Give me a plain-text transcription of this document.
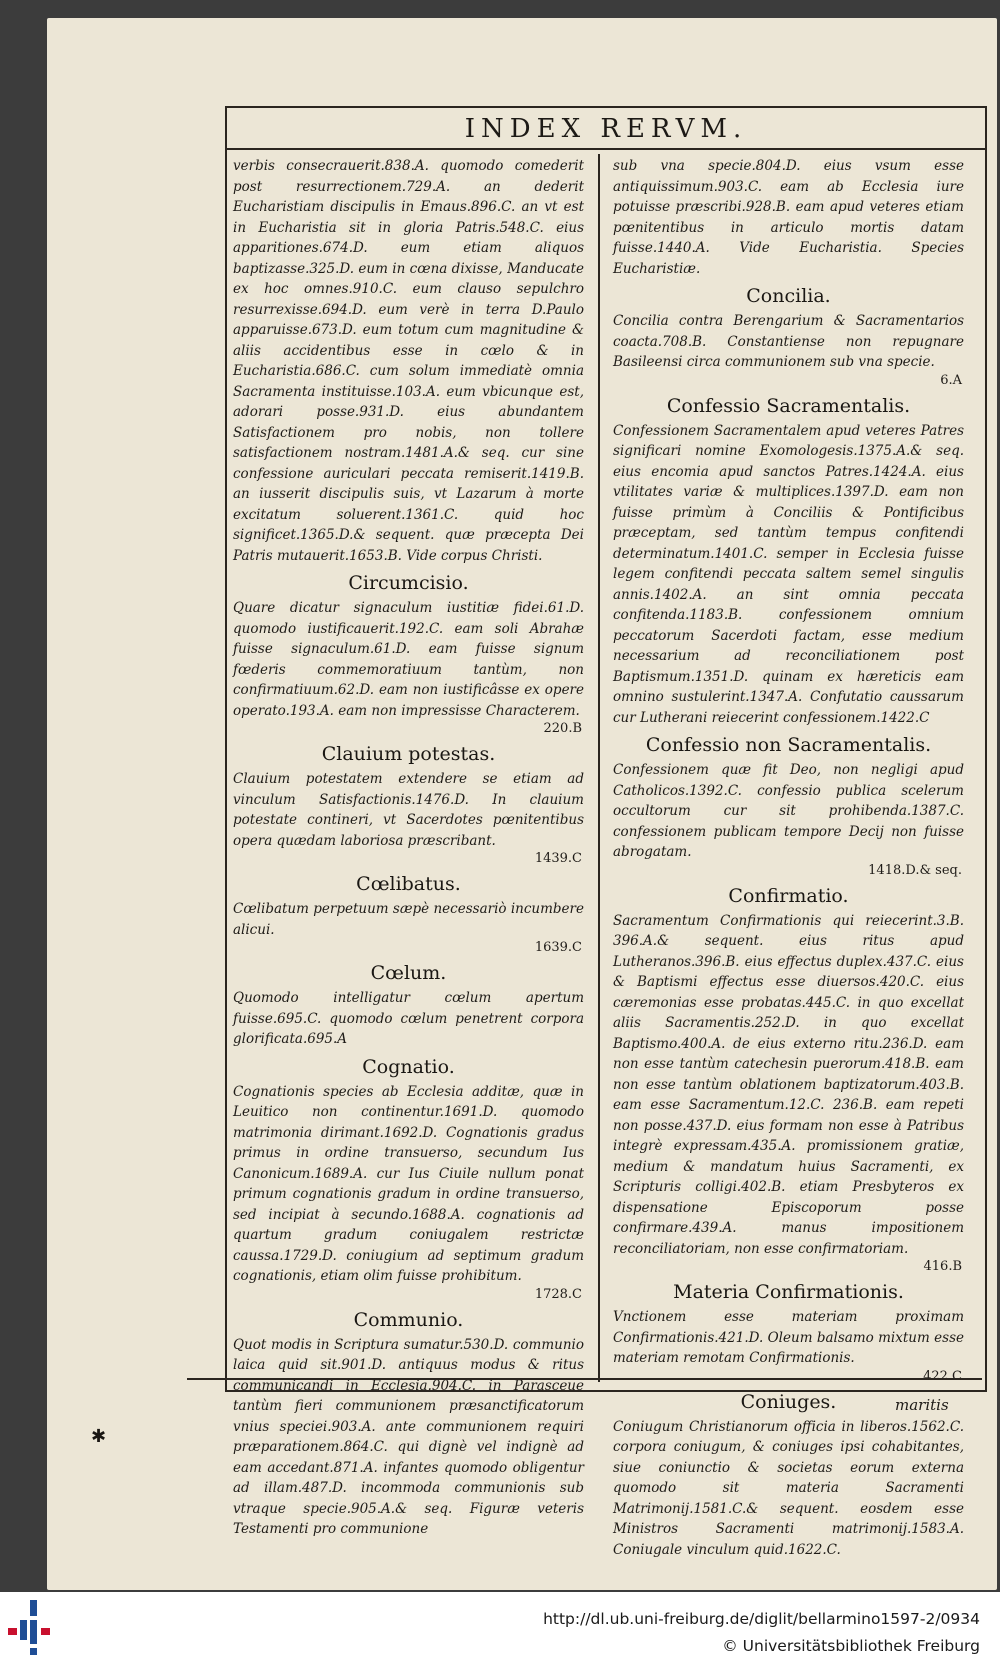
INDEX RERVM.
verbis consecrauerit.838.A. quomodo comederit post resurrectionem.729.A. an dederit Eucharistiam discipulis in Emaus.896.C. an vt est in Eucharistia sit in gloria Patris.548.C. eius apparitiones.674.D. eum etiam aliquos baptizasse.325.D. eum in cœna dixisse, Manducate ex hoc omnes.910.C. eum clauso sepulchro resurrexisse.694.D. eum verè in terra D.Paulo apparuisse.673.D. eum totum cum magnitudine & aliis accidentibus esse in cœlo & in Eucharistia.686.C. cum solum immediatè omnia Sacramenta instituisse.103.A. eum vbicunque est, adorari posse.931.D. eius abundantem Satisfactionem pro nobis, non tollere satisfactionem nostram.1481.A.& seq. cur sine confessione auriculari peccata remiserit.1419.B. an iusserit discipulis suis, vt Lazarum à morte excitatum soluerent.1361.C. quid hoc significet.1365.D.& sequent. quæ præcepta Dei Patris mutauerit.1653.B. Vide corpus Christi.
Circumcisio.
Quare dicatur signaculum iustitiæ fidei.61.D. quomodo iustificauerit.192.C. eam soli Abrahæ fuisse signaculum.61.D. eam fuisse signum fœderis commemoratiuum tantùm, non confirmatiuum.62.D. eam non iustificâsse ex opere operato.193.A. eam non impressisse Characterem.
220.B
Clauium potestas.
Clauium potestatem extendere se etiam ad vinculum Satisfactionis.1476.D. In clauium potestate contineri, vt Sacerdotes pœnitentibus opera quædam laboriosa præscribant.
1439.C
Cœlibatus.
Cœlibatum perpetuum sæpè necessariò incumbere alicui.
1639.C
Cœlum.
Quomodo intelligatur cœlum apertum fuisse.695.C. quomodo cœlum penetrent corpora glorificata.695.A
Cognatio.
Cognationis species ab Ecclesia additæ, quæ in Leuitico non continentur.1691.D. quomodo matrimonia dirimant.1692.D. Cognationis gradus primus in ordine transuerso, secundum Ius Canonicum.1689.A. cur Ius Ciuile nullum ponat primum cognationis gradum in ordine transuerso, sed incipiat à secundo.1688.A. cognationis ad quartum gradum coniugalem restrictæ caussa.1729.D. coniugium ad septimum gradum cognationis, etiam olim fuisse prohibitum.
1728.C
Communio.
Quot modis in Scriptura sumatur.530.D. communio laica quid sit.901.D. antiquus modus & ritus communicandi in Ecclesia.904.C. in Parasceue tantùm fieri communionem præsanctificatorum vnius speciei.903.A. ante communionem requiri præparationem.864.C. qui dignè vel indignè ad eam accedant.871.A. infantes quomodo obligentur ad illam.487.D. incommoda communionis sub vtraque specie.905.A.& seq. Figuræ veteris Testamenti pro communione
sub vna specie.804.D. eius vsum esse antiquissimum.903.C. eam ab Ecclesia iure potuisse præscribi.928.B. eam apud veteres etiam pœnitentibus in articulo mortis datam fuisse.1440.A. Vide Eucharistia. Species Eucharistiæ.
Concilia.
Concilia contra Berengarium & Sacramentarios coacta.708.B. Constantiense non repugnare Basileensi circa communionem sub vna specie.
6.A
Confessio Sacramentalis.
Confessionem Sacramentalem apud veteres Patres significari nomine Exomologesis.1375.A.& seq. eius encomia apud sanctos Patres.1424.A. eius vtilitates variæ & multiplices.1397.D. eam non fuisse primùm à Conciliis & Pontificibus præceptam, sed tantùm tempus confitendi determinatum.1401.C. semper in Ecclesia fuisse legem confitendi peccata saltem semel singulis annis.1402.A. an sint omnia peccata confitenda.1183.B. confessionem omnium peccatorum Sacerdoti factam, esse medium necessarium ad reconciliationem post Baptismum.1351.D. quinam ex hæreticis eam omnino sustulerint.1347.A. Confutatio caussarum cur Lutherani reiecerint confessionem.1422.C
Confessio non Sacramentalis.
Confessionem quæ fit Deo, non negligi apud Catholicos.1392.C. confessio publica scelerum occultorum cur sit prohibenda.1387.C. confessionem publicam tempore Decij non fuisse abrogatam.
1418.D.& seq.
Confirmatio.
Sacramentum Confirmationis qui reiecerint.3.B. 396.A.& sequent. eius ritus apud Lutheranos.396.B. eius effectus duplex.437.C. eius & Baptismi effectus esse diuersos.420.C. eius cæremonias esse probatas.445.C. in quo excellat aliis Sacramentis.252.D. in quo excellat Baptismo.400.A. de eius externo ritu.236.D. eam non esse tantùm catechesin puerorum.418.B. eam non esse tantùm oblationem baptizatorum.403.B. eam esse Sacramentum.12.C. 236.B. eam repeti non posse.437.D. eius formam non esse à Patribus integrè expressam.435.A. promissionem gratiæ, medium & mandatum huius Sacramenti, ex Scripturis colligi.402.B. etiam Presbyteros ex dispensatione Episcoporum posse confirmare.439.A. manus impositionem reconciliatoriam, non esse confirmatoriam.
416.B
Materia Confirmationis.
Vnctionem esse materiam proximam Confirmationis.421.D. Oleum balsamo mixtum esse materiam remotam Confirmationis.
422.C
Coniuges.
Coniugum Christianorum officia in liberos.1562.C. corpora coniugum, & coniuges ipsi cohabitantes, siue coniunctio & societas eorum externa quomodo sit materia Sacramenti Matrimonij.1581.C.& sequent. eosdem esse Ministros Sacramenti matrimonij.1583.A. Coniugale vinculum quid.1622.C.
maritis
✱
http://dl.ub.uni-freiburg.de/diglit/bellarmino1597-2/0934
© Universitätsbibliothek Freiburg
